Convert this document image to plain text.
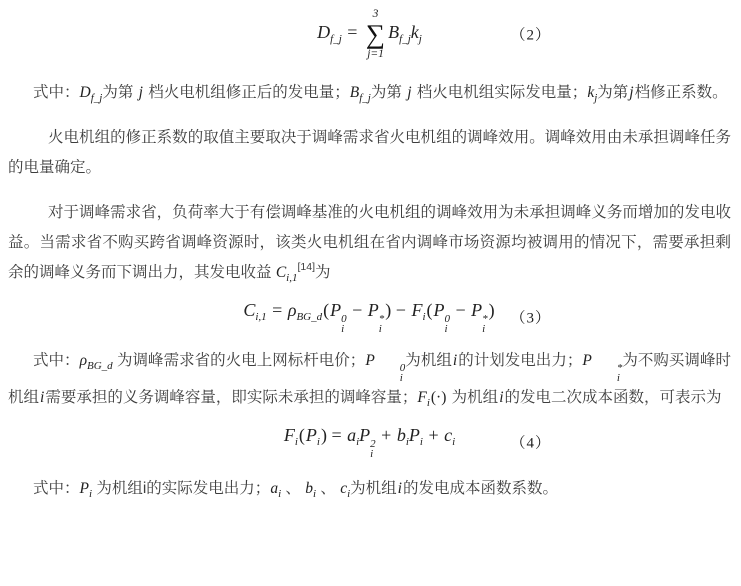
$D_{f\_j}$ =
3
∑
j=1
$B_{f\_j}k_j$	（2）

式中：$D_{f\_j}$为第 j 档火电机组修正后的发电量；$B_{f\_j}$为第 j 档火电机组实际发电量；$k_j$为第j档修正系数。

火电机组的修正系数的取值主要取决于调峰需求省火电机组的调峰效用。调峰效用由未承担调峰任务的电量确定。

对于调峰需求省，负荷率大于有偿调峰基准的火电机组的调峰效用为未承担调峰义务而增加的发电收益。当需求省不购买跨省调峰资源时，该类火电机组在省内调峰市场资源均被调用的情况下，需要承担剩余的调峰义务而下调出力，其发电收益 $C_{i,1}[14]$为

$C_{i,1} = \rho_{BG\_d}(P$ 0
i
− P *
i
) − $F_i(P$ 0
i
− P *
i
) （3）

式中：$\rho_{BG\_d}$ 为调峰需求省的火电上网标杆电价；P	0
i
为机组i的计划发电出力；P	*
i
为不购买调峰时机组i需要承担的义务调峰容量，即实际未承担的调峰容量；$F_i(\cdot)$ 为机组i的发电二次成本函数，可表示为

$F_i(P_i) = a_iP$ 2
i
+ $b_iP_i + c_i$	（4）

式中：$P_i$ 为机组i的实际发电出力；$a_i$ 、 $b_i$ 、 $c_i$为机组i的发电成本函数系数。
